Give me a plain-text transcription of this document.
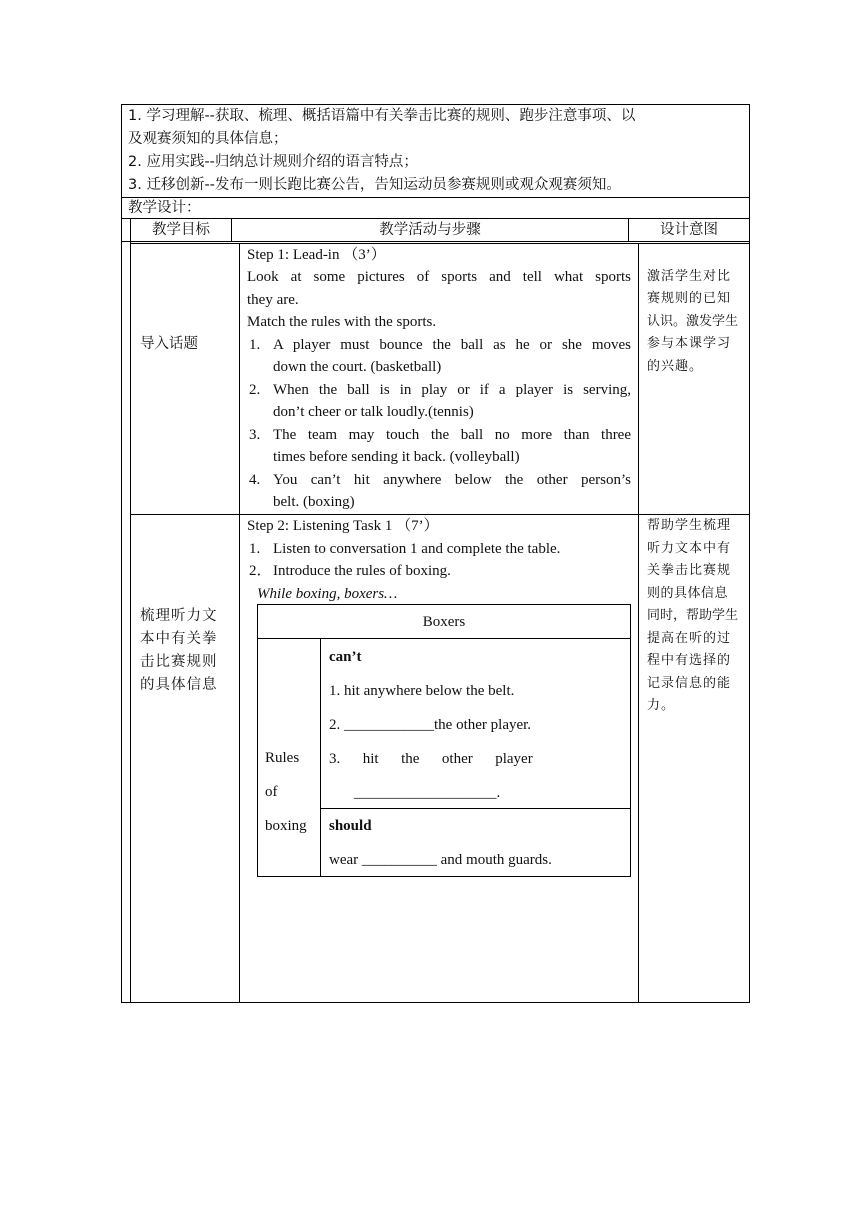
1. 学习理解--获取、梳理、概括语篇中有关拳击比赛的规则、跑步注意事项、以
及观赛须知的具体信息；
2. 应用实践--归纳总计规则介绍的语言特点；
3. 迁移创新--发布一则长跑比赛公告，告知运动员参赛规则或观众观赛须知。
教学设计：
教学目标	教学活动与步骤	设计意图
导入话题
Step 1: Lead-in （3’）
Look at some pictures of sports and tell what sports
they are.
Match the rules with the sports.
1. A player must bounce the ball as he or she moves
down the court. (basketball)
2. When the ball is in play or if a player is serving,
don’t cheer or talk loudly.(tennis)
3. The team may touch the ball no more than three
times before sending it back. (volleyball)
4. You can’t hit anywhere below the other person’s
belt. (boxing)
激活学生对比
赛规则的已知
认识。激发学生
参与本课学习
的兴趣。
梳理听力文
本中有关拳
击比赛规则
的具体信息
Step 2: Listening Task 1 （7’）
1. Listen to conversation 1 and complete the table.
2． Introduce the rules of boxing.
While boxing, boxers…
Boxers
Rules
of
boxing
can’t
1. hit anywhere below the belt.
2. ____________the other player.
3.      hit      the      other      player
___________________.
should
wear __________ and mouth guards.
帮助学生梳理
听力文本中有
关拳击比赛规
则的具体信息
同时，帮助学生
提高在听的过
程中有选择的
记录信息的能
力。
